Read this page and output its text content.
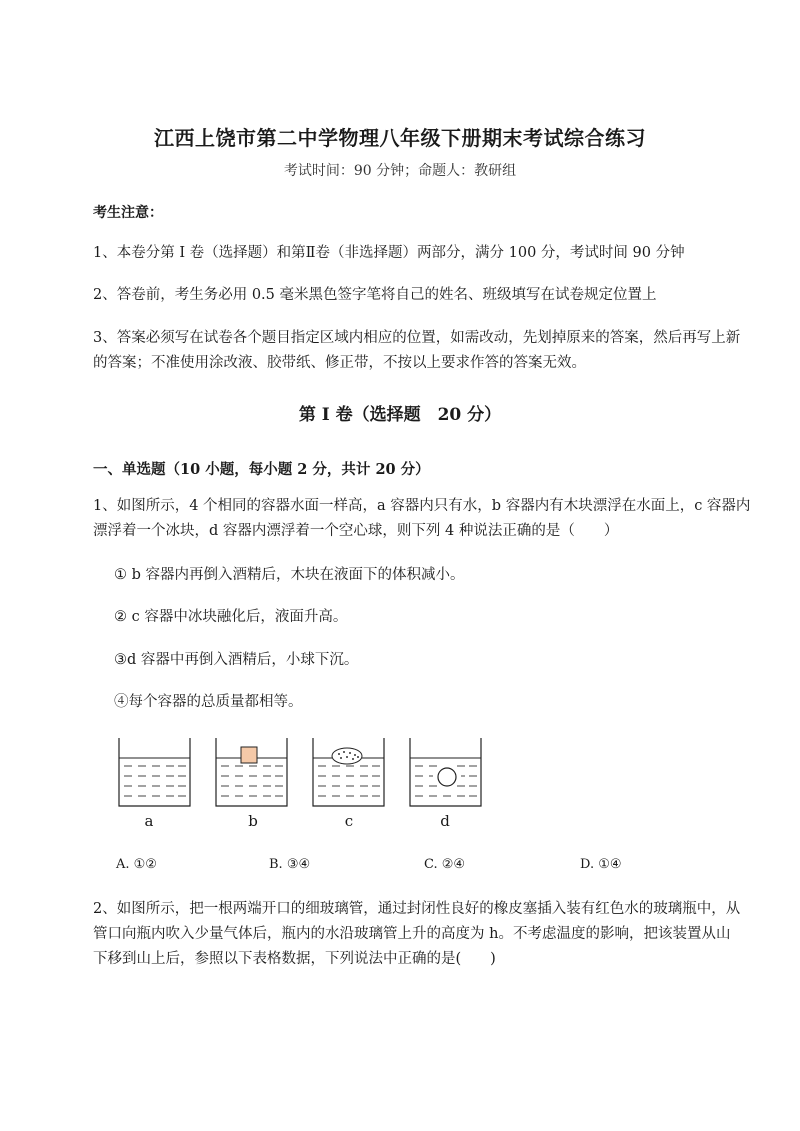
江西上饶市第二中学物理八年级下册期末考试综合练习
考试时间：90 分钟；命题人：教研组
考生注意：
1、本卷分第 I 卷（选择题）和第Ⅱ卷（非选择题）两部分，满分 100 分，考试时间 90 分钟
2、答卷前，考生务必用 0.5 毫米黑色签字笔将自己的姓名、班级填写在试卷规定位置上
3、答案必须写在试卷各个题目指定区域内相应的位置，如需改动，先划掉原来的答案，然后再写上新
的答案；不准使用涂改液、胶带纸、修正带，不按以上要求作答的答案无效。
第 I 卷（选择题　20 分）
一、单选题（10 小题，每小题 2 分，共计 20 分）
1、如图所示，4 个相同的容器水面一样高，a 容器内只有水，b 容器内有木块漂浮在水面上，c 容器内
漂浮着一个冰块，d 容器内漂浮着一个空心球，则下列 4 种说法正确的是（　　）
① b 容器内再倒入酒精后，木块在液面下的体积减小。
② c 容器中冰块融化后，液面升高。
③d 容器中再倒入酒精后，小球下沉。
④每个容器的总质量都相等。
a	b	c	d
A. ①②	B. ③④	C. ②④	D. ①④
2、如图所示，把一根两端开口的细玻璃管，通过封闭性良好的橡皮塞插入装有红色水的玻璃瓶中，从
管口向瓶内吹入少量气体后，瓶内的水沿玻璃管上升的高度为 h。不考虑温度的影响，把该装置从山
下移到山上后，参照以下表格数据，下列说法中正确的是(　　)
